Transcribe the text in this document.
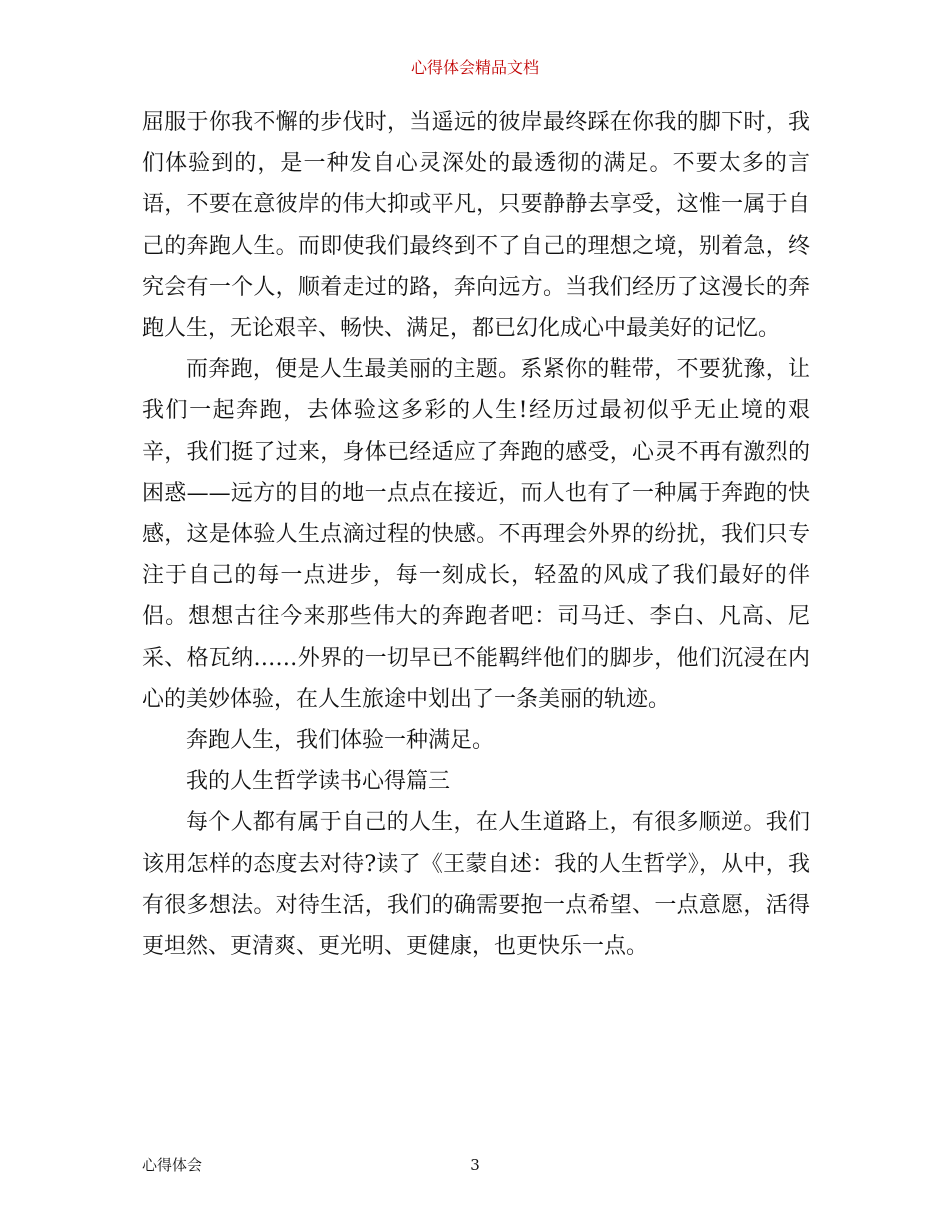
心得体会精品文档

屈服于你我不懈的步伐时，当遥远的彼岸最终踩在你我的脚下时，我们体验到的，是一种发自心灵深处的最透彻的满足。不要太多的言语，不要在意彼岸的伟大抑或平凡，只要静静去享受，这惟一属于自己的奔跑人生。而即使我们最终到不了自己的理想之境，别着急，终究会有一个人，顺着走过的路，奔向远方。当我们经历了这漫长的奔跑人生，无论艰辛、畅快、满足，都已幻化成心中最美好的记忆。

而奔跑，便是人生最美丽的主题。系紧你的鞋带，不要犹豫，让我们一起奔跑，去体验这多彩的人生!经历过最初似乎无止境的艰辛，我们挺了过来，身体已经适应了奔跑的感受，心灵不再有激烈的困惑——远方的目的地一点点在接近，而人也有了一种属于奔跑的快感，这是体验人生点滴过程的快感。不再理会外界的纷扰，我们只专注于自己的每一点进步，每一刻成长，轻盈的风成了我们最好的伴侣。想想古往今来那些伟大的奔跑者吧：司马迁、李白、凡高、尼采、格瓦纳……外界的一切早已不能羁绊他们的脚步，他们沉浸在内心的美妙体验，在人生旅途中划出了一条美丽的轨迹。

奔跑人生，我们体验一种满足。

我的人生哲学读书心得篇三

每个人都有属于自己的人生，在人生道路上，有很多顺逆。我们该用怎样的态度去对待?读了《王蒙自述：我的人生哲学》，从中，我有很多想法。对待生活，我们的确需要抱一点希望、一点意愿，活得更坦然、更清爽、更光明、更健康，也更快乐一点。

心得体会	3
